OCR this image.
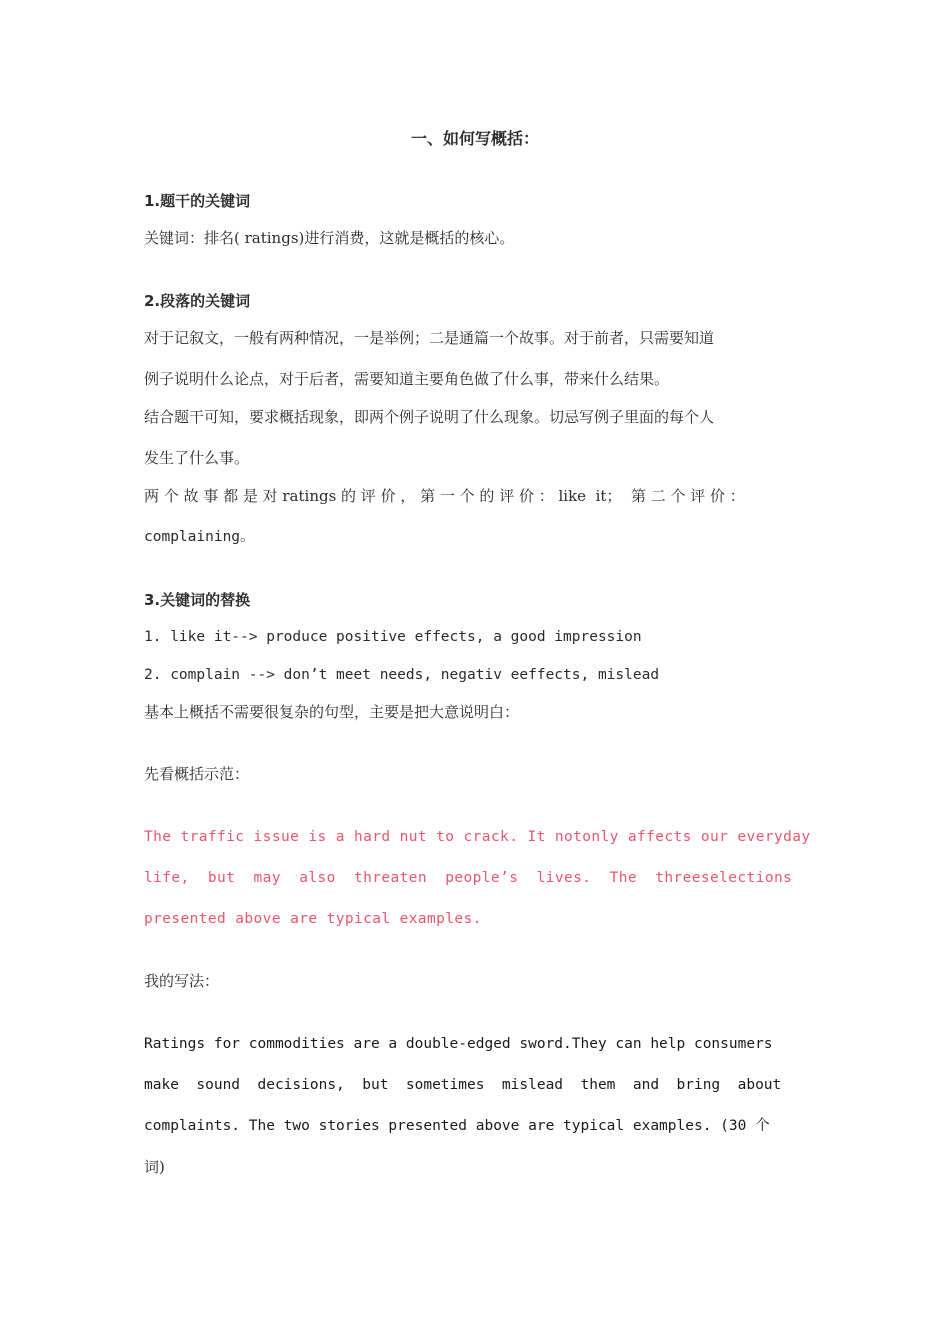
一、如何写概括：
1.题干的关键词
关键词：排名( ratings)进行消费，这就是概括的核心。
2.段落的关键词
对于记叙文，一般有两种情况，一是举例；二是通篇一个故事。对于前者，只需要知道
例子说明什么论点，对于后者，需要知道主要角色做了什么事，带来什么结果。
结合题干可知，要求概括现象，即两个例子说明了什么现象。切忌写例子里面的每个人
发生了什么事。
两 个 故 事 都 是 对 ratings 的 评 价 ， 第 一 个 的 评 价 ： like  it；  第 二 个 评 价 ：
complaining。
3.关键词的替换
1. like it--> produce positive effects, a good impression
2. complain --> don’t meet needs, negativ eeffects, mislead
基本上概括不需要很复杂的句型，主要是把大意说明白：
先看概括示范：
The traffic issue is a hard nut to crack. It notonly affects our everyday
life,  but  may  also  threaten  people’s  lives.  The  threeselections
presented above are typical examples.
我的写法：
Ratings for commodities are a double-edged sword.They can help consumers
make  sound  decisions,  but  sometimes  mislead  them  and  bring  about
complaints. The two stories presented above are typical examples. (30 个
词)
